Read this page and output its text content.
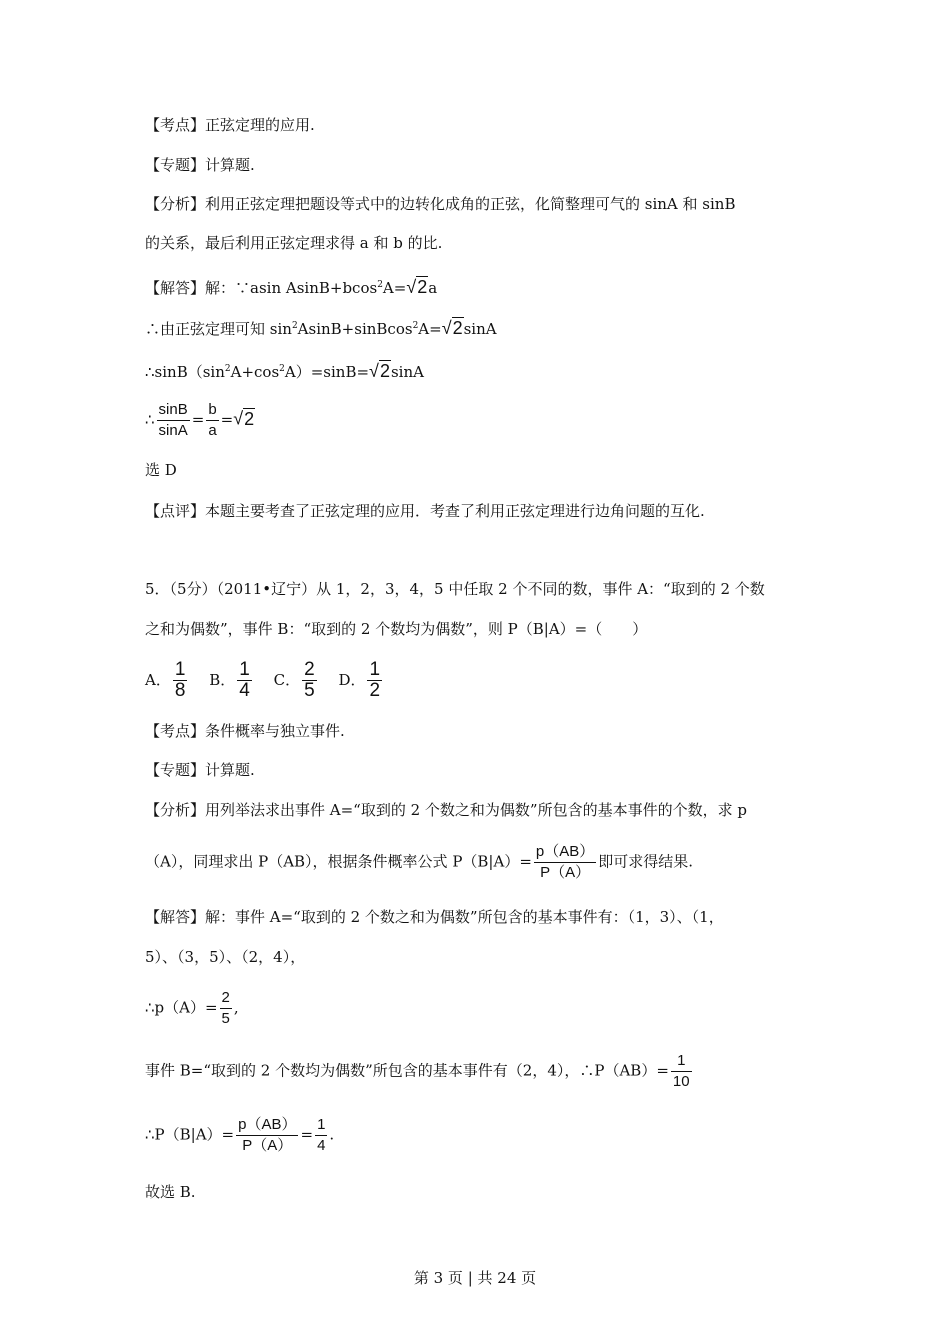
【考点】正弦定理的应用.
【专题】计算题.
【分析】利用正弦定理把题设等式中的边转化成角的正弦，化简整理可气的 sinA 和 sinB
的关系，最后利用正弦定理求得 a 和 b 的比.
【解答】解：∵asin AsinB+bcos$^2$A=√2a
∴由正弦定理可知 $\sin^2AsinB+sinBcos^2A=√2\sin A$
$\therefore\sin B(\sin^2A+\cos^2A)=\sin B=√2\sin A$
∴ $\frac{\sin B}{\sin A} = \frac{b}{a} =√2$
选 D
【点评】本题主要考查了正弦定理的应用．考查了利用正弦定理进行边角问题的互化.
5．（5分）（2011•辽宁）从 1，2，3，4，5 中任取 2 个不同的数，事件 A：“取到的 2 个数
之和为偶数”，事件 B：“取到的 2 个数均为偶数”，则 P（B|A）=（　　）
A． $\frac{1}{8}$
  B． $\frac{1}{4}$
  C． $\frac{2}{5}$
  D． $\frac{1}{2}$
【考点】条件概率与独立事件.
【专题】计算题.
【分析】用列举法求出事件 A=“取到的 2 个数之和为偶数”所包含的基本事件的个数，求 p
（A），同理求出 P（AB），根据条件概率公式 $P(B|A)= \frac{p(AB)}{P(A)}$ 即可求得结果.
【解答】解：事件 A=“取到的 2 个数之和为偶数”所包含的基本事件有：（1，3）、（1，
5）、（3，5）、（2，4），
∴p（A）= $\frac{2}{5}$ ,
事件 B=“取到的 2 个数均为偶数”所包含的基本事件有（2，4），∴P（AB）= $\frac{1}{10}$
∴P（B|A）= $\frac{p(AB)}{P(A)} = \frac{1}{4}$ .
故选 B.
第 3 页 | 共 24 页
